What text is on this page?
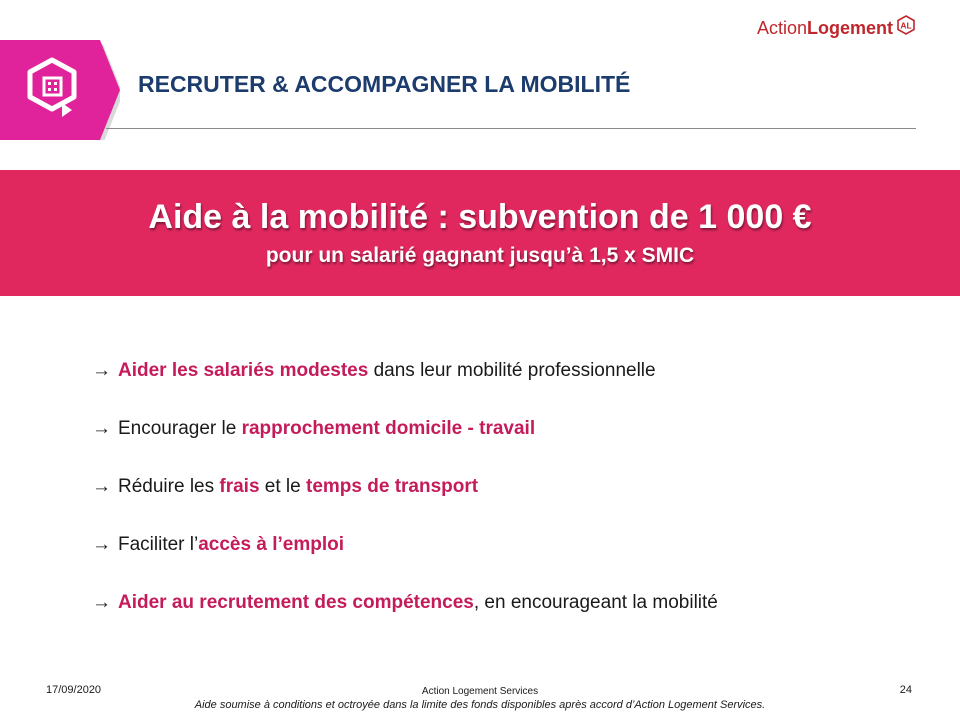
ActionLogement AL
RECRUTER & ACCOMPAGNER LA MOBILITÉ
Aide à la mobilité : subvention de 1 000 €
pour un salarié gagnant jusqu’à 1,5 x SMIC
→ Aider les salariés modestes dans leur mobilité professionnelle
→ Encourager le rapprochement domicile - travail
→ Réduire les frais et le temps de transport
→ Faciliter l’ accès à l’emploi
→ Aider au recrutement des compétences , en encourageant la mobilité
17/09/2020	Action Logement Services	24
Aide soumise à conditions et octroyée dans la limite des fonds disponibles après accord d’Action Logement Services.
